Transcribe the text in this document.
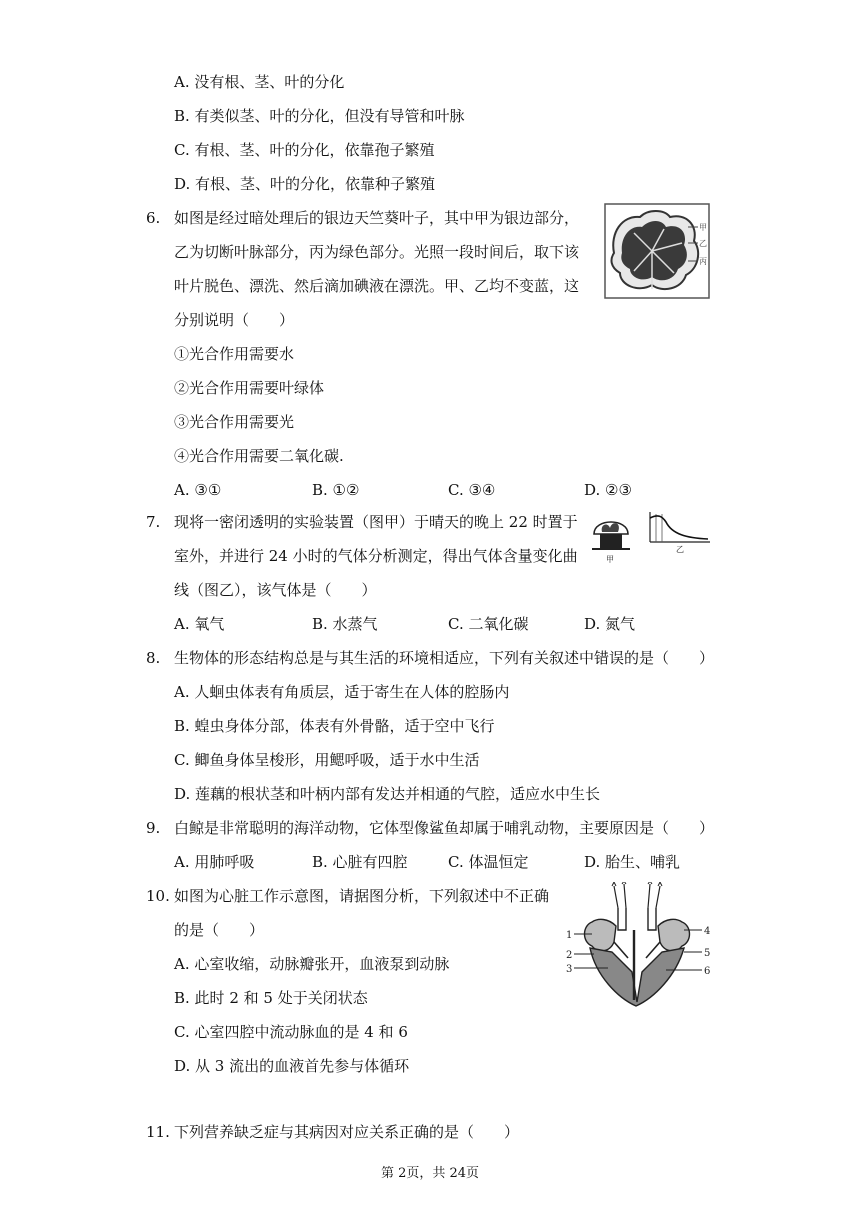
A. 没有根、茎、叶的分化
B. 有类似茎、叶的分化，但没有导管和叶脉
C. 有根、茎、叶的分化，依靠孢子繁殖
D. 有根、茎、叶的分化，依靠种子繁殖
6. 如图是经过暗处理后的银边天竺葵叶子，其中甲为银边部分，
乙为切断叶脉部分，丙为绿色部分。光照一段时间后，取下该
叶片脱色、漂洗、然后滴加碘液在漂洗。甲、乙均不变蓝，这
分别说明（　　）
①光合作用需要水
②光合作用需要叶绿体
③光合作用需要光
④光合作用需要二氧化碳.
A. ③①	B. ①②	C. ③④	D. ②③
甲
乙
丙
7. 现将一密闭透明的实验装置（图甲）于晴天的晚上 22 时置于
室外，并进行 24 小时的气体分析测定，得出气体含量变化曲
线（图乙），该气体是（　　）
A. 氧气	B. 水蒸气	C. 二氧化碳	D. 氮气
甲
乙
8. 生物体的形态结构总是与其生活的环境相适应，下列有关叙述中错误的是（　　）
A. 人蛔虫体表有角质层，适于寄生在人体的腔肠内
B. 蝗虫身体分部，体表有外骨骼，适于空中飞行
C. 鲫鱼身体呈梭形，用鳃呼吸，适于水中生活
D. 莲藕的根状茎和叶柄内部有发达并相通的气腔，适应水中生长
9. 白鲸是非常聪明的海洋动物，它体型像鲨鱼却属于哺乳动物，主要原因是（　　）
A. 用肺呼吸	B. 心脏有四腔	C. 体温恒定	D. 胎生、哺乳
10. 如图为心脏工作示意图，请据图分析，下列叙述中不正确
的是（　　）
A. 心室收缩，动脉瓣张开，血液泵到动脉
B. 此时 2 和 5 处于关闭状态
C. 心室四腔中流动脉血的是 4 和 6
D. 从 3 流出的血液首先参与体循环
1
2
3
4
5
6
11. 下列营养缺乏症与其病因对应关系正确的是（　　）
第 2页，共 24页
